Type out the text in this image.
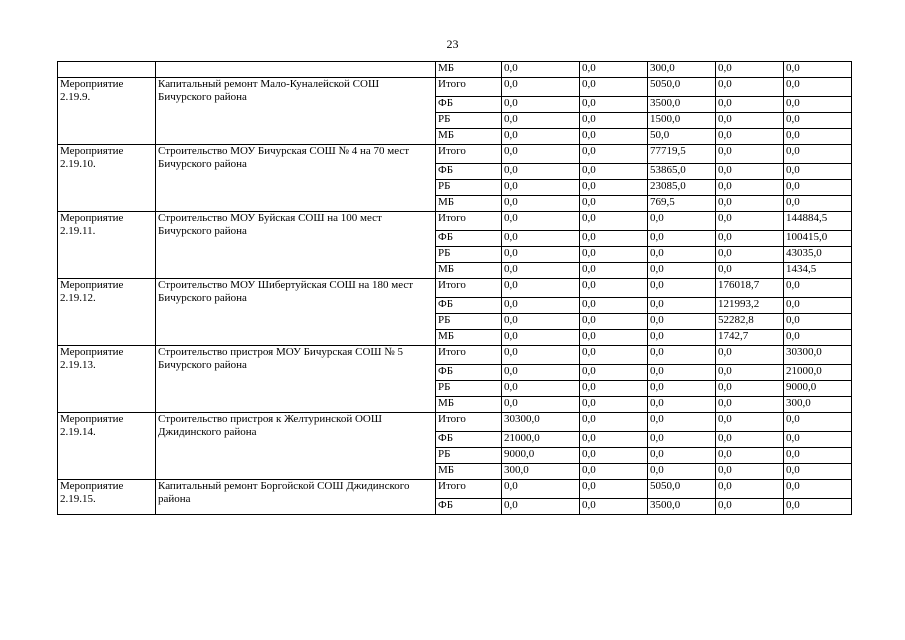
23
		МБ	0,0	0,0	300,0	0,0	0,0
Мероприятие 2.19.9.	Капитальный ремонт Мало-Куналейской СОШ Бичурского района	Итого	0,0	0,0	5050,0	0,0	0,0
		ФБ	0,0	0,0	3500,0	0,0	0,0
		РБ	0,0	0,0	1500,0	0,0	0,0
		МБ	0,0	0,0	50,0	0,0	0,0
Мероприятие 2.19.10.	Строительство МОУ Бичурская СОШ № 4 на 70 мест Бичурского района	Итого	0,0	0,0	77719,5	0,0	0,0
		ФБ	0,0	0,0	53865,0	0,0	0,0
		РБ	0,0	0,0	23085,0	0,0	0,0
		МБ	0,0	0,0	769,5	0,0	0,0
Мероприятие 2.19.11.	Строительство МОУ Буйская СОШ на 100 мест Бичурского района	Итого	0,0	0,0	0,0	0,0	144884,5
		ФБ	0,0	0,0	0,0	0,0	100415,0
		РБ	0,0	0,0	0,0	0,0	43035,0
		МБ	0,0	0,0	0,0	0,0	1434,5
Мероприятие 2.19.12.	Строительство МОУ Шибертуйская СОШ на 180 мест Бичурского района	Итого	0,0	0,0	0,0	176018,7	0,0
		ФБ	0,0	0,0	0,0	121993,2	0,0
		РБ	0,0	0,0	0,0	52282,8	0,0
		МБ	0,0	0,0	0,0	1742,7	0,0
Мероприятие 2.19.13.	Строительство пристроя МОУ Бичурская СОШ № 5 Бичурского района	Итого	0,0	0,0	0,0	0,0	30300,0
		ФБ	0,0	0,0	0,0	0,0	21000,0
		РБ	0,0	0,0	0,0	0,0	9000,0
		МБ	0,0	0,0	0,0	0,0	300,0
Мероприятие 2.19.14.	Строительство пристроя к Желтуринской ООШ Джидинского района	Итого	30300,0	0,0	0,0	0,0	0,0
		ФБ	21000,0	0,0	0,0	0,0	0,0
		РБ	9000,0	0,0	0,0	0,0	0,0
		МБ	300,0	0,0	0,0	0,0	0,0
Мероприятие 2.19.15.	Капитальный ремонт Боргойской СОШ Джидинского района	Итого	0,0	0,0	5050,0	0,0	0,0
		ФБ	0,0	0,0	3500,0	0,0	0,0
